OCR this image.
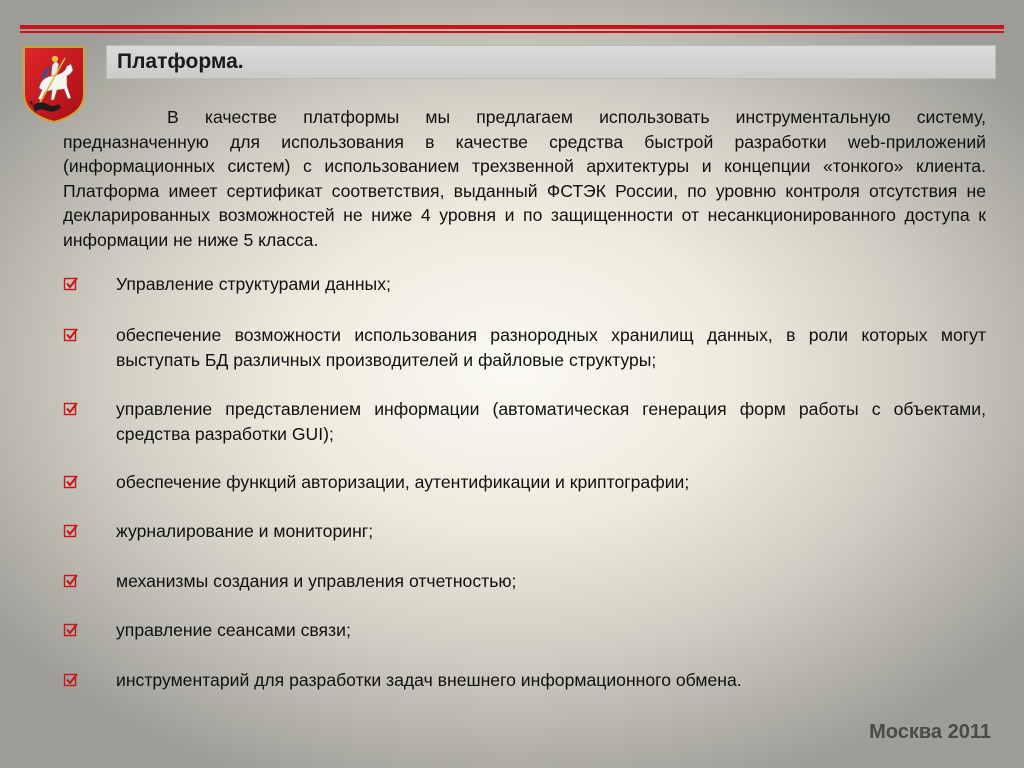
Платформа.
В качестве платформы мы предлагаем использовать инструментальную систему, предназначенную для использования в качестве средства быстрой разработки web-приложений (информационных систем) с использованием трехзвенной архитектуры и концепции «тонкого» клиента. Платформа имеет сертификат соответствия, выданный ФСТЭК России, по уровню контроля отсутствия не декларированных возможностей не ниже 4 уровня и по защищенности от несанкционированного доступа к информации не ниже 5 класса.
Управление структурами данных;
обеспечение возможности использования разнородных хранилищ данных, в роли которых могут выступать БД различных производителей и файловые структуры;
управление представлением информации (автоматическая генерация форм работы с объектами, средства разработки GUI);
обеспечение функций авторизации, аутентификации и криптографии;
журналирование и мониторинг;
механизмы создания и управления отчетностью;
управление сеансами связи;
инструментарий для разработки задач внешнего информационного обмена.
Москва 2011
